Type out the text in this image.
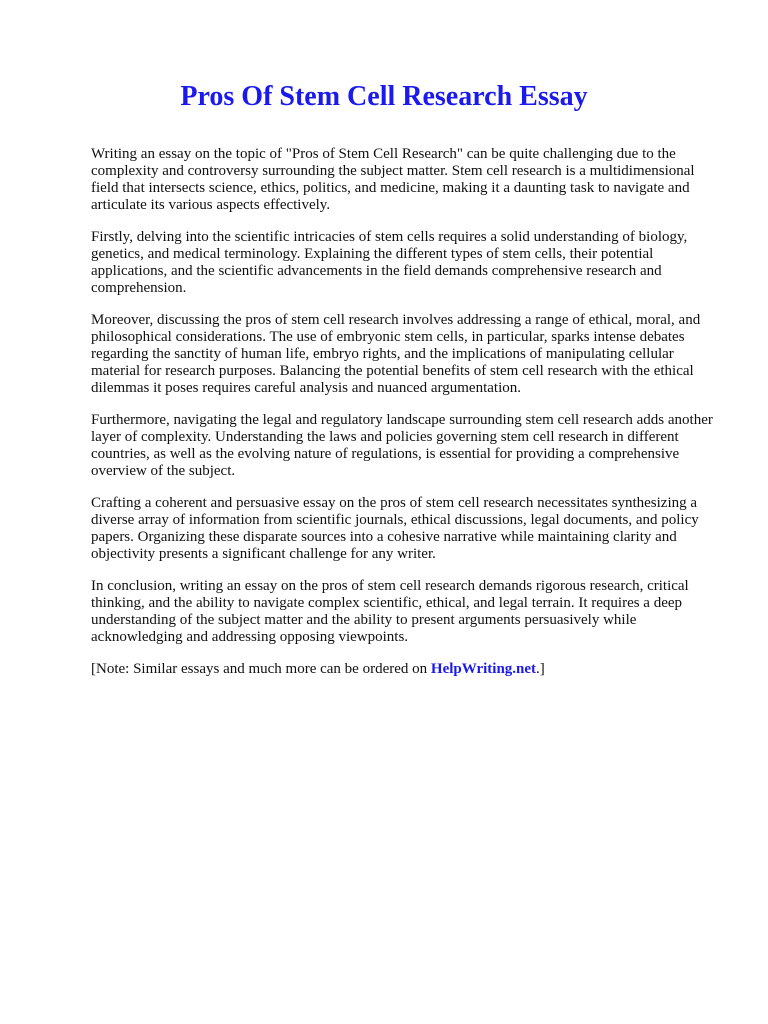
Pros Of Stem Cell Research Essay

Writing an essay on the topic of "Pros of Stem Cell Research" can be quite challenging due to the complexity and controversy surrounding the subject matter. Stem cell research is a multidimensional field that intersects science, ethics, politics, and medicine, making it a daunting task to navigate and articulate its various aspects effectively.

Firstly, delving into the scientific intricacies of stem cells requires a solid understanding of biology, genetics, and medical terminology. Explaining the different types of stem cells, their potential applications, and the scientific advancements in the field demands comprehensive research and comprehension.

Moreover, discussing the pros of stem cell research involves addressing a range of ethical, moral, and philosophical considerations. The use of embryonic stem cells, in particular, sparks intense debates regarding the sanctity of human life, embryo rights, and the implications of manipulating cellular material for research purposes. Balancing the potential benefits of stem cell research with the ethical dilemmas it poses requires careful analysis and nuanced argumentation.

Furthermore, navigating the legal and regulatory landscape surrounding stem cell research adds another layer of complexity. Understanding the laws and policies governing stem cell research in different countries, as well as the evolving nature of regulations, is essential for providing a comprehensive overview of the subject.

Crafting a coherent and persuasive essay on the pros of stem cell research necessitates synthesizing a diverse array of information from scientific journals, ethical discussions, legal documents, and policy papers. Organizing these disparate sources into a cohesive narrative while maintaining clarity and objectivity presents a significant challenge for any writer.

In conclusion, writing an essay on the pros of stem cell research demands rigorous research, critical thinking, and the ability to navigate complex scientific, ethical, and legal terrain. It requires a deep understanding of the subject matter and the ability to present arguments persuasively while acknowledging and addressing opposing viewpoints.

[Note: Similar essays and much more can be ordered on HelpWriting.net.]
